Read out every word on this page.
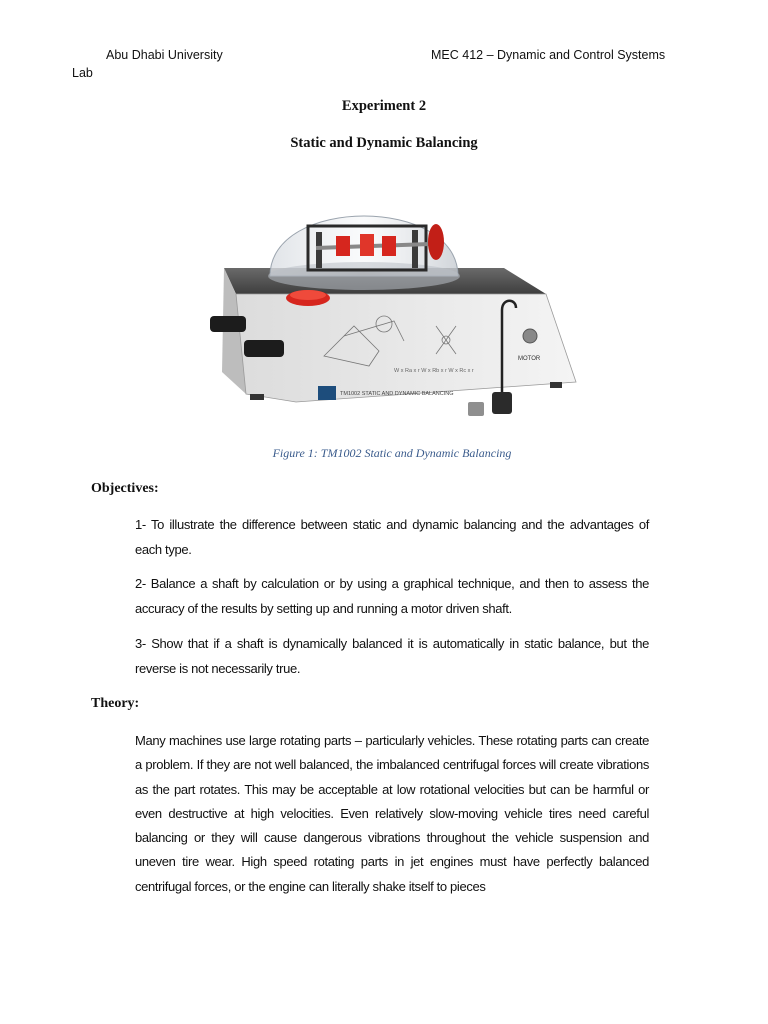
Abu Dhabi University	MEC 412 – Dynamic and Control Systems
Lab
Experiment 2
Static and Dynamic Balancing
W x Ra x r W x Rb x r W x Rc x r
MOTOR
TM1002 STATIC AND DYNAMIC BALANCING
Figure 1: TM1002 Static and Dynamic Balancing
Objectives:
1- To illustrate the difference between static and dynamic balancing and the advantages of each type.
2- Balance a shaft by calculation or by using a graphical technique, and then to assess the accuracy of the results by setting up and running a motor driven shaft.
3- Show that if a shaft is dynamically balanced it is automatically in static balance, but the reverse is not necessarily true.
Theory:
Many machines use large rotating parts – particularly vehicles. These rotating parts can create a problem. If they are not well balanced, the imbalanced centrifugal forces will create vibrations as the part rotates. This may be acceptable at low rotational velocities but can be harmful or even destructive at high velocities. Even relatively slow-moving vehicle tires need careful balancing or they will cause dangerous vibrations throughout the vehicle suspension and uneven tire wear. High speed rotating parts in jet engines must have perfectly balanced centrifugal forces, or the engine can literally shake itself to pieces
